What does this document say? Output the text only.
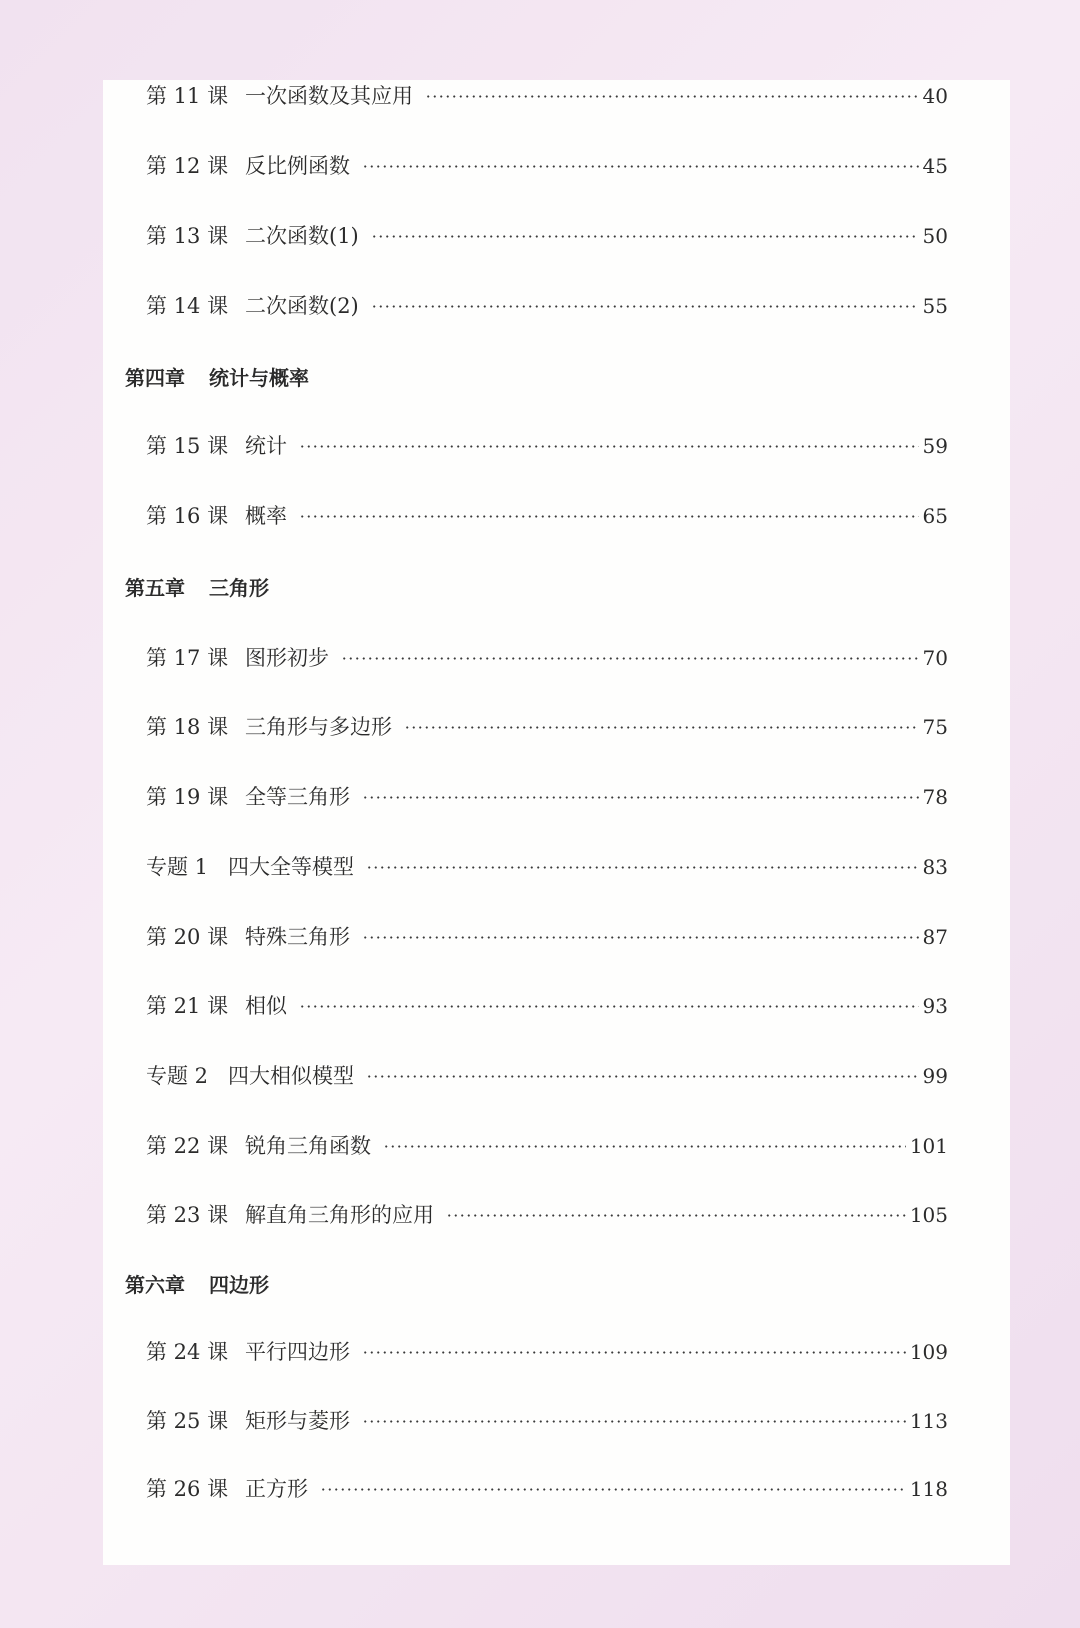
第 11 课 一次函数及其应用	40
第 12 课 反比例函数	45
第 13 课 二次函数(1)	50
第 14 课 二次函数(2)	55
第四章 统计与概率
第 15 课 统计	59
第 16 课 概率	65
第五章 三角形
第 17 课 图形初步	70
第 18 课 三角形与多边形	75
第 19 课 全等三角形	78
专题 1 四大全等模型	83
第 20 课 特殊三角形	87
第 21 课 相似	93
专题 2 四大相似模型	99
第 22 课 锐角三角函数	101
第 23 课 解直角三角形的应用	105
第六章 四边形
第 24 课 平行四边形	109
第 25 课 矩形与菱形	113
第 26 课 正方形	118
